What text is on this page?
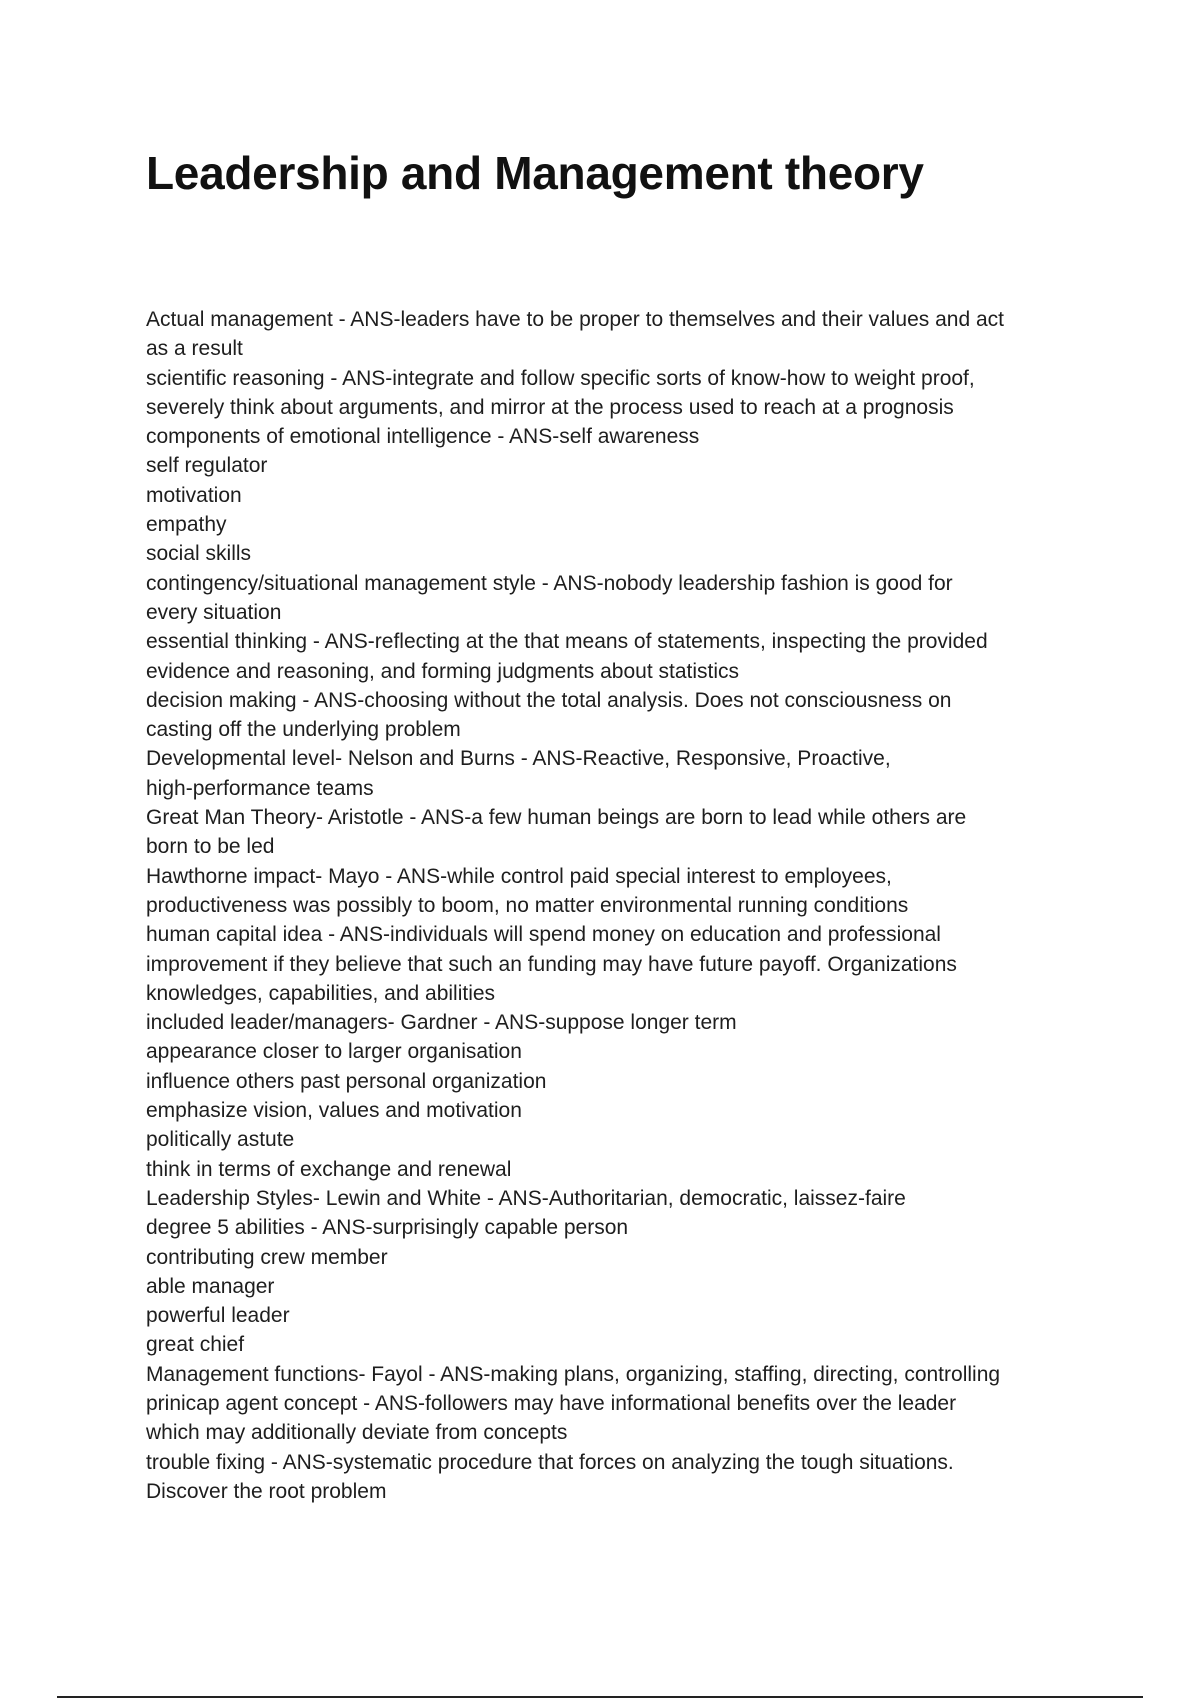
Leadership and Management theory
Actual management - ANS-leaders have to be proper to themselves and their values and act
as a result
scientific reasoning - ANS-integrate and follow specific sorts of know-how to weight proof,
severely think about arguments, and mirror at the process used to reach at a prognosis
components of emotional intelligence - ANS-self awareness
self regulator
motivation
empathy
social skills
contingency/situational management style - ANS-nobody leadership fashion is good for
every situation
essential thinking - ANS-reflecting at the that means of statements, inspecting the provided
evidence and reasoning, and forming judgments about statistics
decision making - ANS-choosing without the total analysis. Does not consciousness on
casting off the underlying problem
Developmental level- Nelson and Burns - ANS-Reactive, Responsive, Proactive,
high-performance teams
Great Man Theory- Aristotle - ANS-a few human beings are born to lead while others are
born to be led
Hawthorne impact- Mayo - ANS-while control paid special interest to employees,
productiveness was possibly to boom, no matter environmental running conditions
human capital idea - ANS-individuals will spend money on education and professional
improvement if they believe that such an funding may have future payoff. Organizations
knowledges, capabilities, and abilities
included leader/managers- Gardner - ANS-suppose longer term
appearance closer to larger organisation
influence others past personal organization
emphasize vision, values and motivation
politically astute
think in terms of exchange and renewal
Leadership Styles- Lewin and White - ANS-Authoritarian, democratic, laissez-faire
degree 5 abilities - ANS-surprisingly capable person
contributing crew member
able manager
powerful leader
great chief
Management functions- Fayol - ANS-making plans, organizing, staffing, directing, controlling
prinicap agent concept - ANS-followers may have informational benefits over the leader
which may additionally deviate from concepts
trouble fixing - ANS-systematic procedure that forces on analyzing the tough situations.
Discover the root problem
